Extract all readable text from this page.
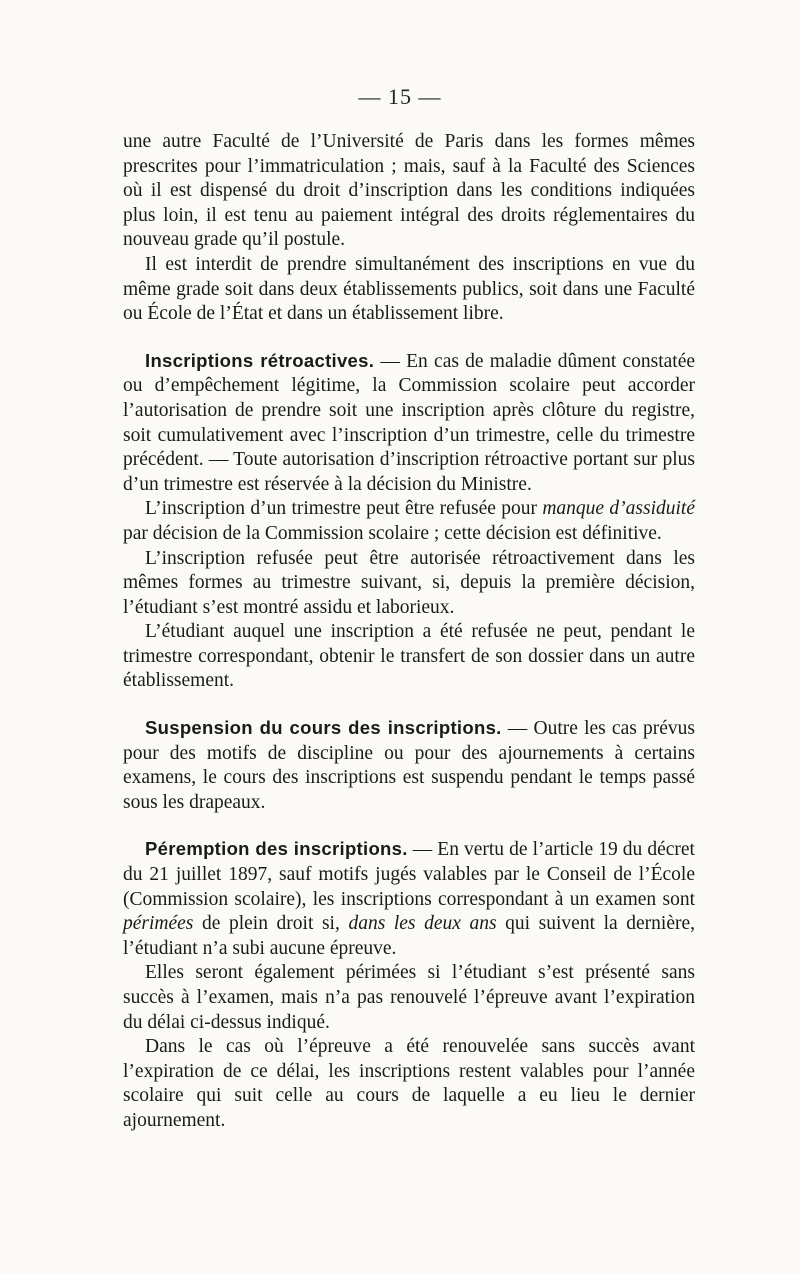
— 15 —

une autre Faculté de l’Université de Paris dans les formes mêmes prescrites pour l’immatriculation ; mais, sauf à la Faculté des Sciences où il est dispensé du droit d’inscription dans les conditions indiquées plus loin, il est tenu au paiement intégral des droits réglementaires du nouveau grade qu’il postule.

Il est interdit de prendre simultanément des inscriptions en vue du même grade soit dans deux établissements publics, soit dans une Faculté ou École de l’État et dans un établissement libre.

Inscriptions rétroactives. — En cas de maladie dûment constatée ou d’empêchement légitime, la Commission scolaire peut accorder l’autorisation de prendre soit une inscription après clôture du registre, soit cumulativement avec l’inscription d’un trimestre, celle du trimestre précédent. — Toute autorisation d’inscription rétroactive portant sur plus d’un trimestre est réservée à la décision du Ministre.

L’inscription d’un trimestre peut être refusée pour manque d’assiduité par décision de la Commission scolaire ; cette décision est définitive.

L’inscription refusée peut être autorisée rétroactivement dans les mêmes formes au trimestre suivant, si, depuis la première décision, l’étudiant s’est montré assidu et laborieux.

L’étudiant auquel une inscription a été refusée ne peut, pendant le trimestre correspondant, obtenir le transfert de son dossier dans un autre établissement.

Suspension du cours des inscriptions. — Outre les cas prévus pour des motifs de discipline ou pour des ajournements à certains examens, le cours des inscriptions est suspendu pendant le temps passé sous les drapeaux.

Péremption des inscriptions. — En vertu de l’article 19 du décret du 21 juillet 1897, sauf motifs jugés valables par le Conseil de l’École (Commission scolaire), les inscriptions correspondant à un examen sont périmées de plein droit si, dans les deux ans qui suivent la dernière, l’étudiant n’a subi aucune épreuve.

Elles seront également périmées si l’étudiant s’est présenté sans succès à l’examen, mais n’a pas renouvelé l’épreuve avant l’expiration du délai ci-dessus indiqué.

Dans le cas où l’épreuve a été renouvelée sans succès avant l’expiration de ce délai, les inscriptions restent valables pour l’année scolaire qui suit celle au cours de laquelle a eu lieu le dernier ajournement.
